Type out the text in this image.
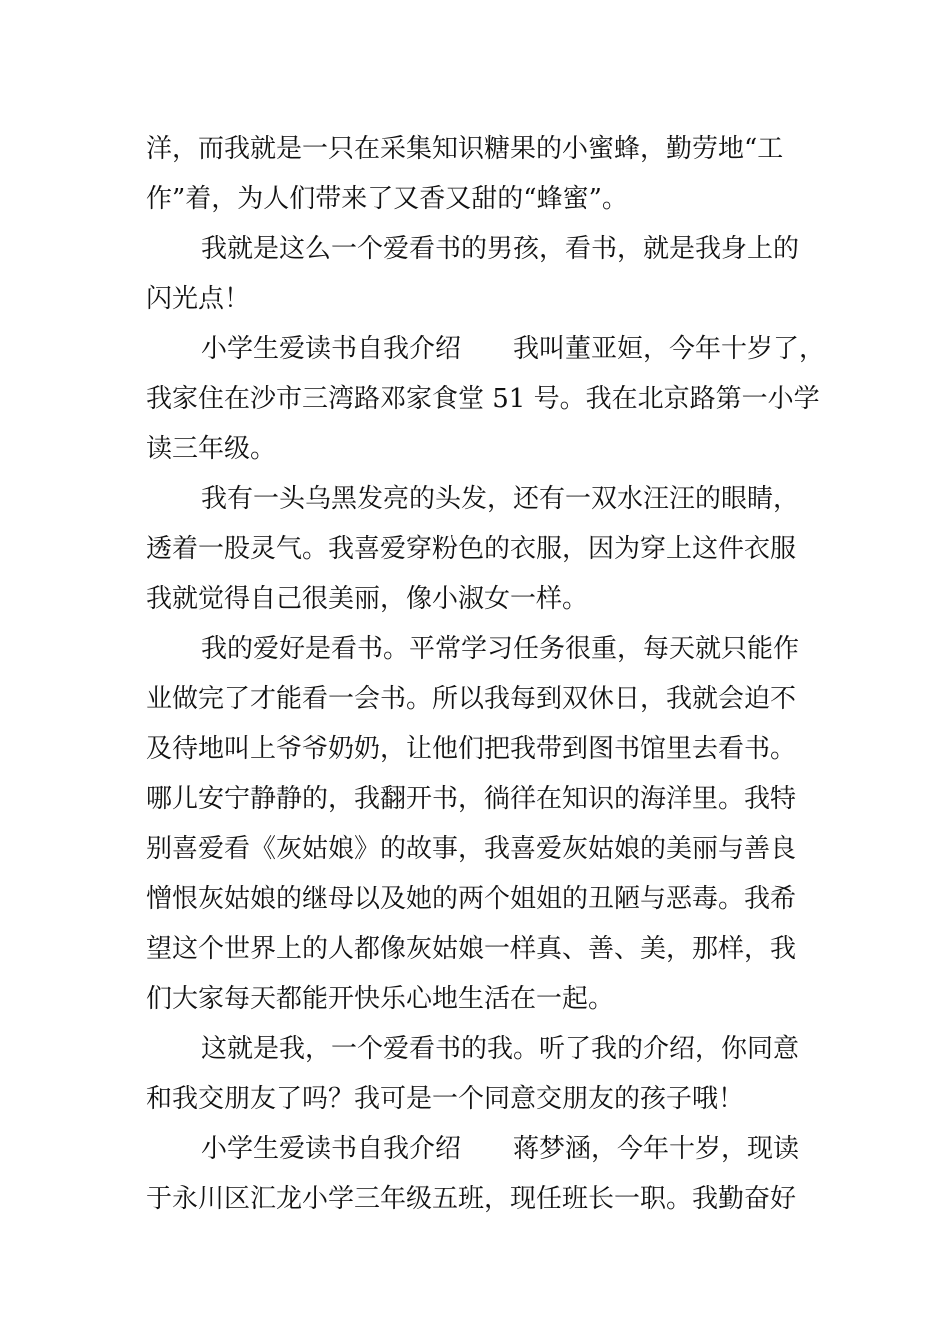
洋，而我就是一只在采集知识糖果的小蜜蜂，勤劳地“工
作”着，为人们带来了又香又甜的“蜂蜜”。
我就是这么一个爱看书的男孩，看书，就是我身上的
闪光点！
小学生爱读书自我介绍　　我叫董亚姮，今年十岁了，
我家住在沙市三湾路邓家食堂 51 号。我在北京路第一小学
读三年级。
我有一头乌黑发亮的头发，还有一双水汪汪的眼睛，
透着一股灵气。我喜爱穿粉色的衣服，因为穿上这件衣服
我就觉得自己很美丽，像小淑女一样。
我的爱好是看书。平常学习任务很重，每天就只能作
业做完了才能看一会书。所以我每到双休日，我就会迫不
及待地叫上爷爷奶奶，让他们把我带到图书馆里去看书。
哪儿安宁静静的，我翻开书，徜徉在知识的海洋里。我特
别喜爱看《灰姑娘》的故事，我喜爱灰姑娘的美丽与善良
憎恨灰姑娘的继母以及她的两个姐姐的丑陋与恶毒。我希
望这个世界上的人都像灰姑娘一样真、善、美，那样，我
们大家每天都能开快乐心地生活在一起。
这就是我，一个爱看书的我。听了我的介绍，你同意
和我交朋友了吗？我可是一个同意交朋友的孩子哦！
小学生爱读书自我介绍　　蒋梦涵，今年十岁，现读
于永川区汇龙小学三年级五班，现任班长一职。我勤奋好
